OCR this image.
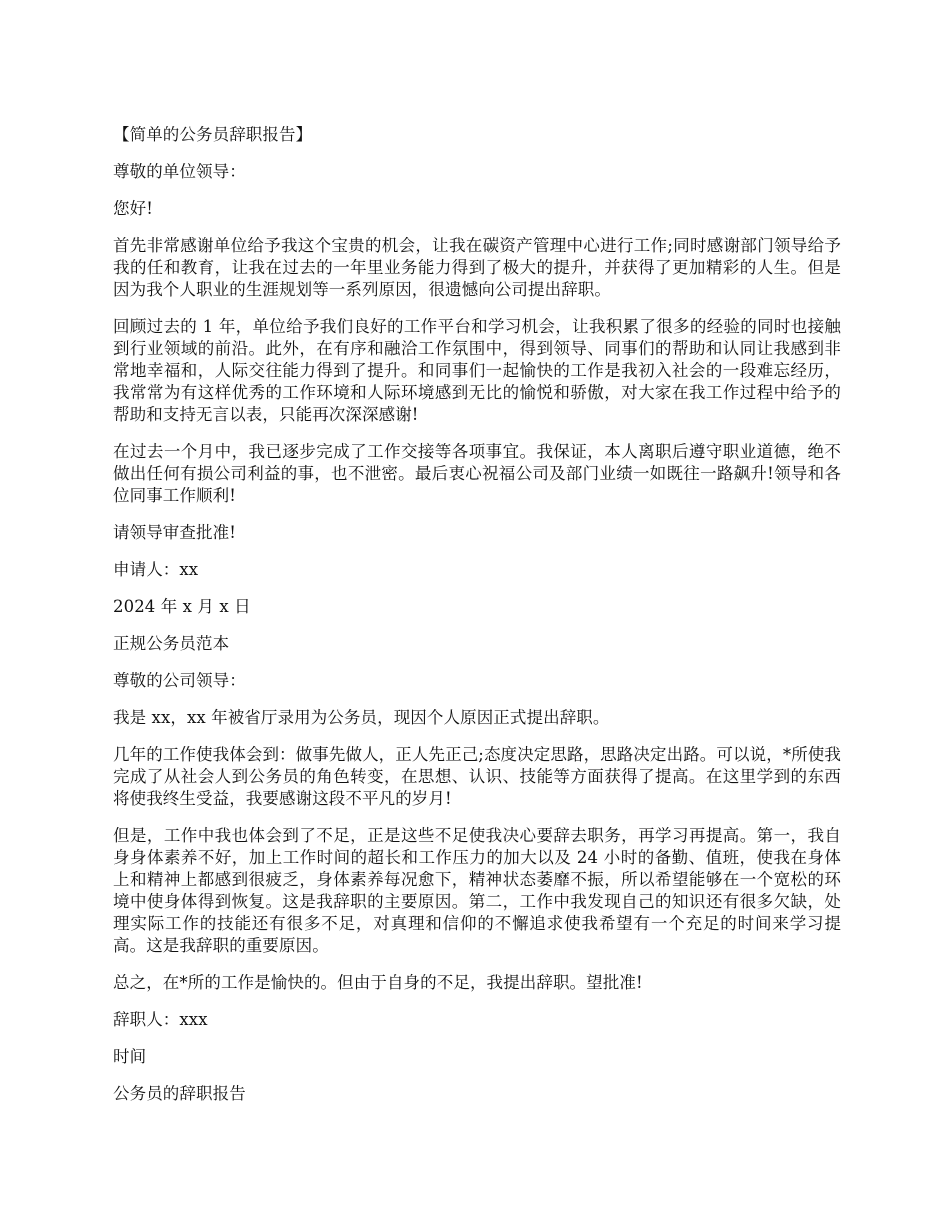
【简单的公务员辞职报告】

尊敬的单位领导：

您好!

首先非常感谢单位给予我这个宝贵的机会，让我在碳资产管理中心进行工作;同时感谢部门领导给予我的任和教育，让我在过去的一年里业务能力得到了极大的提升，并获得了更加精彩的人生。但是因为我个人职业的生涯规划等一系列原因，很遗憾向公司提出辞职。

回顾过去的 1 年，单位给予我们良好的工作平台和学习机会，让我积累了很多的经验的同时也接触到行业领域的前沿。此外，在有序和融洽工作氛围中，得到领导、同事们的帮助和认同让我感到非常地幸福和，人际交往能力得到了提升。和同事们一起愉快的工作是我初入社会的一段难忘经历，我常常为有这样优秀的工作环境和人际环境感到无比的愉悦和骄傲，对大家在我工作过程中给予的帮助和支持无言以表，只能再次深深感谢!

在过去一个月中，我已逐步完成了工作交接等各项事宜。我保证，本人离职后遵守职业道德，绝不做出任何有损公司利益的事，也不泄密。最后衷心祝福公司及部门业绩一如既往一路飙升!领导和各位同事工作顺利!

请领导审查批准!

申请人：xx

2024 年 x 月 x 日

正规公务员范本

尊敬的公司领导：

我是 xx，xx 年被省厅录用为公务员，现因个人原因正式提出辞职。

几年的工作使我体会到：做事先做人，正人先正己;态度决定思路，思路决定出路。可以说，*所使我完成了从社会人到公务员的角色转变，在思想、认识、技能等方面获得了提高。在这里学到的东西将使我终生受益，我要感谢这段不平凡的岁月!

但是，工作中我也体会到了不足，正是这些不足使我决心要辞去职务，再学习再提高。第一，我自身身体素养不好，加上工作时间的超长和工作压力的加大以及 24 小时的备勤、值班，使我在身体上和精神上都感到很疲乏，身体素养每况愈下，精神状态萎靡不振，所以希望能够在一个宽松的环境中使身体得到恢复。这是我辞职的主要原因。第二，工作中我发现自己的知识还有很多欠缺，处理实际工作的技能还有很多不足，对真理和信仰的不懈追求使我希望有一个充足的时间来学习提高。这是我辞职的重要原因。

总之，在*所的工作是愉快的。但由于自身的不足，我提出辞职。望批准!

辞职人：xxx

时间

公务员的辞职报告
